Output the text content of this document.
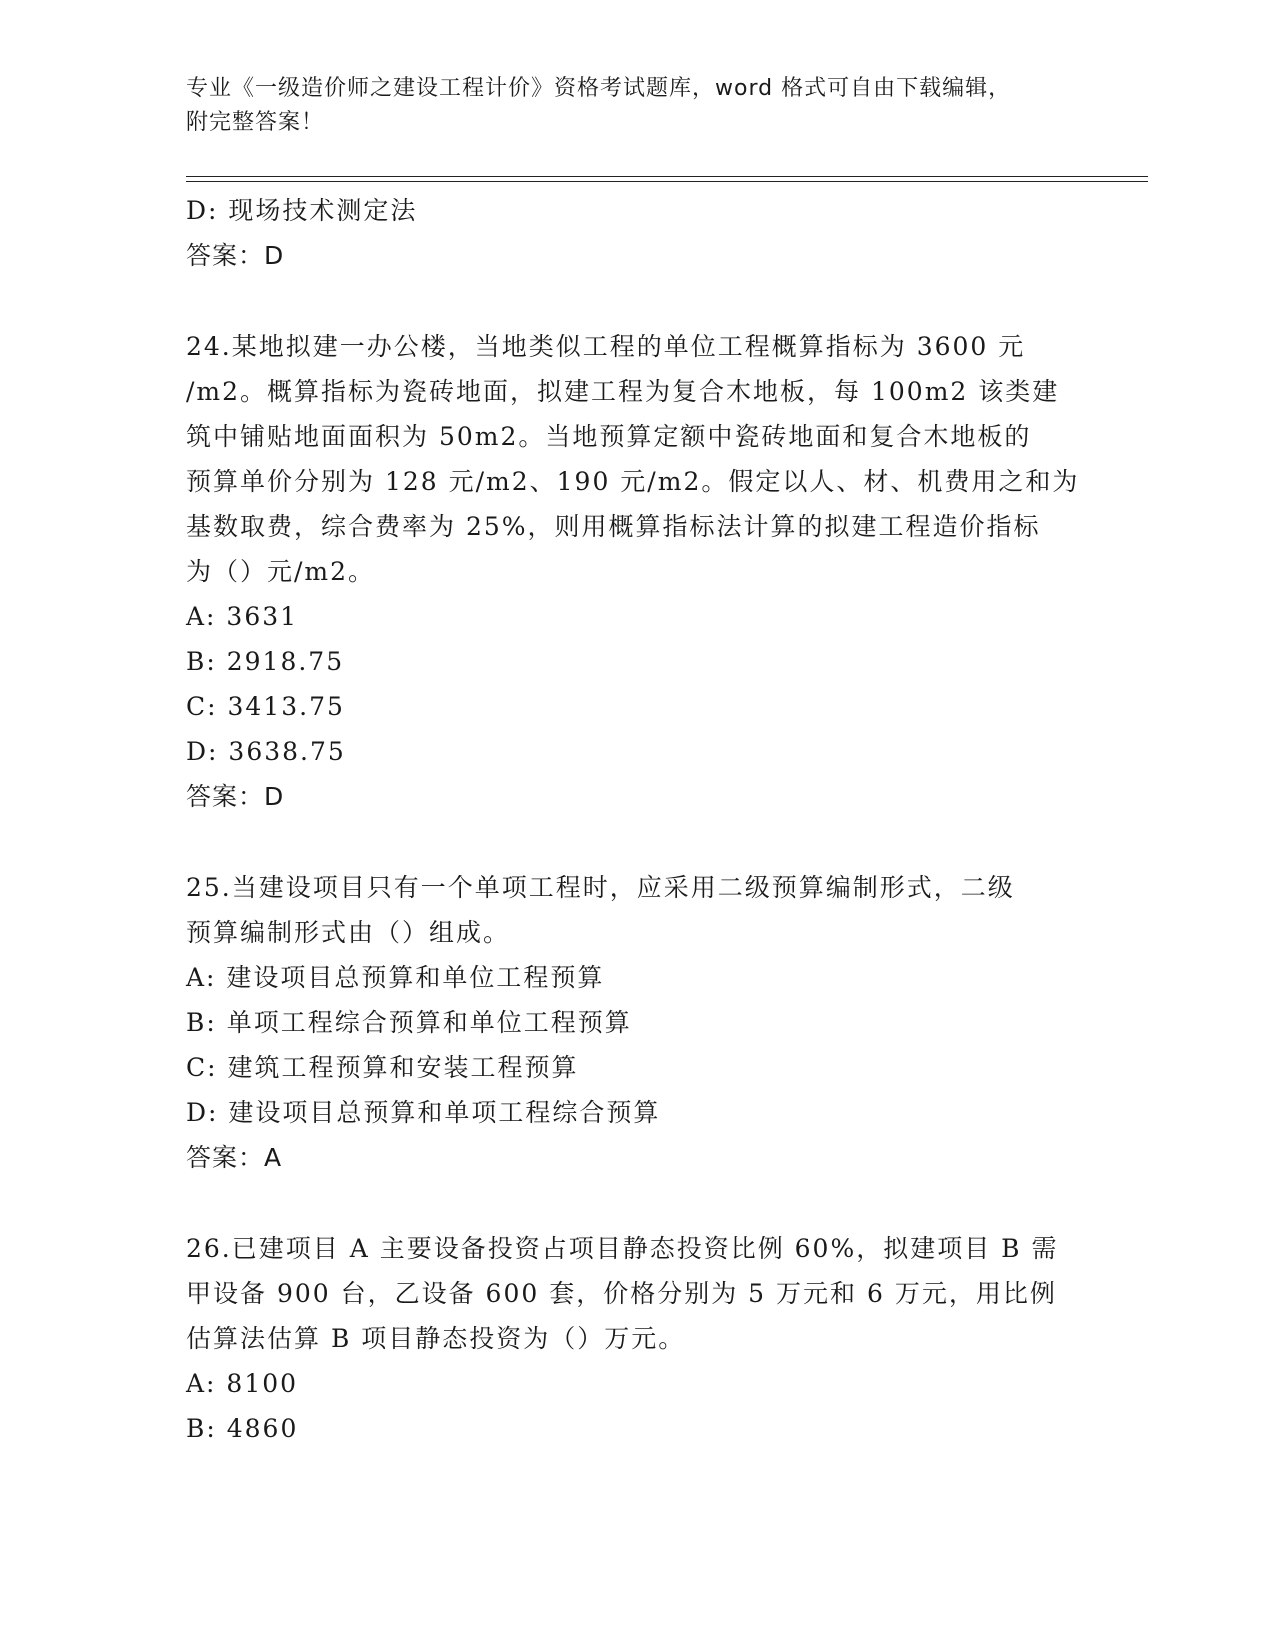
专业《一级造价师之建设工程计价》资格考试题库，word 格式可自由下载编辑，
附完整答案！
D: 现场技术测定法
答案：D
24.某地拟建一办公楼，当地类似工程的单位工程概算指标为 3600 元
/m2。概算指标为瓷砖地面，拟建工程为复合木地板，每 100m2 该类建
筑中铺贴地面面积为 50m2。当地预算定额中瓷砖地面和复合木地板的
预算单价分别为 128 元/m2、190 元/m2。假定以人、材、机费用之和为
基数取费，综合费率为 25%，则用概算指标法计算的拟建工程造价指标
为（）元/m2。
A: 3631
B: 2918.75
C: 3413.75
D: 3638.75
答案：D
25.当建设项目只有一个单项工程时，应采用二级预算编制形式，二级
预算编制形式由（）组成。
A: 建设项目总预算和单位工程预算
B: 单项工程综合预算和单位工程预算
C: 建筑工程预算和安装工程预算
D: 建设项目总预算和单项工程综合预算
答案：A
26.已建项目 A 主要设备投资占项目静态投资比例 60%，拟建项目 B 需
甲设备 900 台，乙设备 600 套，价格分别为 5 万元和 6 万元，用比例
估算法估算 B 项目静态投资为（）万元。
A: 8100
B: 4860
